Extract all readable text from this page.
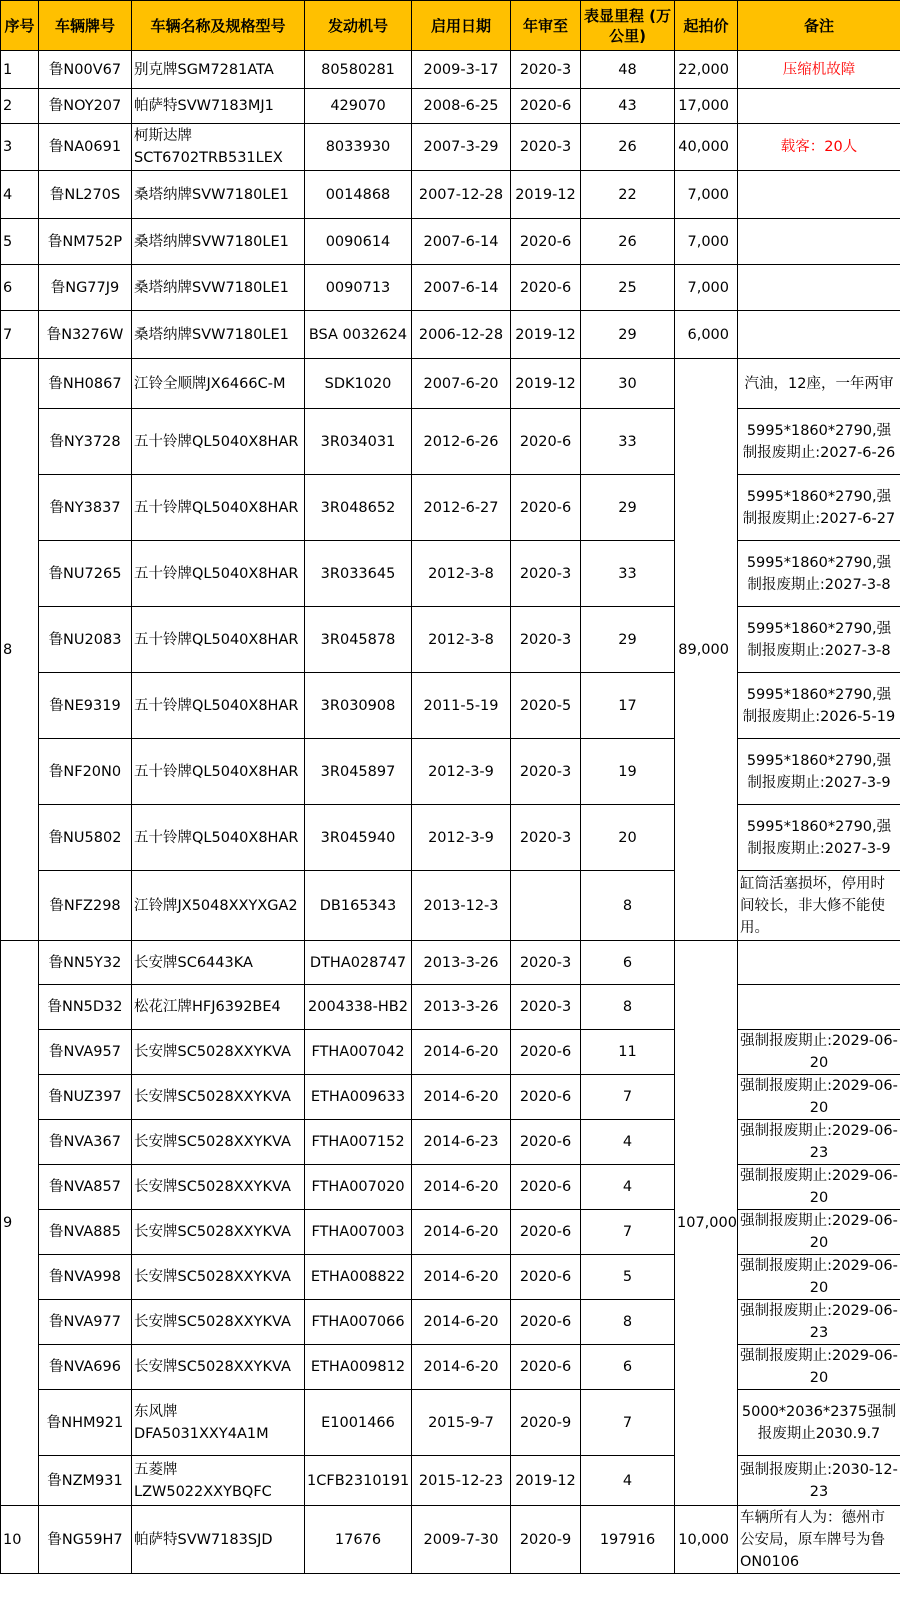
序号	车辆牌号	车辆名称及规格型号	发动机号	启用日期	年审至	表显里程 (万公里)	起拍价	备注
1	鲁N00V67	别克牌SGM7281ATA	80580281	2009-3-17	2020-3	48	22,000	压缩机故障
2	鲁NOY207	帕萨特SVW7183MJ1	429070	2008-6-25	2020-6	43	17,000	
3	鲁NA0691	柯斯达牌SCT6702TRB531LEX	8033930	2007-3-29	2020-3	26	40,000	载客：20人
4	鲁NL270S	桑塔纳牌SVW7180LE1	0014868	2007-12-28	2019-12	22	7,000	
5	鲁NM752P	桑塔纳牌SVW7180LE1	0090614	2007-6-14	2020-6	26	7,000	
6	鲁NG77J9	桑塔纳牌SVW7180LE1	0090713	2007-6-14	2020-6	25	7,000	
7	鲁N3276W	桑塔纳牌SVW7180LE1	BSA 0032624	2006-12-28	2019-12	29	6,000	
8	鲁NH0867	江铃全顺牌JX6466C-M	SDK1020	2007-6-20	2019-12	30	89,000	汽油，12座，一年两审
	鲁NY3728	五十铃牌QL5040X8HAR	3R034031	2012-6-26	2020-6	33		5995*1860*2790,强制报废期止:2027-6-26
	鲁NY3837	五十铃牌QL5040X8HAR	3R048652	2012-6-27	2020-6	29		5995*1860*2790,强制报废期止:2027-6-27
	鲁NU7265	五十铃牌QL5040X8HAR	3R033645	2012-3-8	2020-3	33		5995*1860*2790,强制报废期止:2027-3-8
	鲁NU2083	五十铃牌QL5040X8HAR	3R045878	2012-3-8	2020-3	29		5995*1860*2790,强制报废期止:2027-3-8
	鲁NE9319	五十铃牌QL5040X8HAR	3R030908	2011-5-19	2020-5	17		5995*1860*2790,强制报废期止:2026-5-19
	鲁NF20N0	五十铃牌QL5040X8HAR	3R045897	2012-3-9	2020-3	19		5995*1860*2790,强制报废期止:2027-3-9
	鲁NU5802	五十铃牌QL5040X8HAR	3R045940	2012-3-9	2020-3	20		5995*1860*2790,强制报废期止:2027-3-9
	鲁NFZ298	江铃牌JX5048XXYXGA2	DB165343	2013-12-3		8		缸筒活塞损坏，停用时间较长，非大修不能使用。
9	鲁NN5Y32	长安牌SC6443KA	DTHA028747	2013-3-26	2020-3	6	107,000	
	鲁NN5D32	松花江牌HFJ6392BE4	2004338-HB2	2013-3-26	2020-3	8		
	鲁NVA957	长安牌SC5028XXYKVA	FTHA007042	2014-6-20	2020-6	11		强制报废期止:2029-06-20
	鲁NUZ397	长安牌SC5028XXYKVA	ETHA009633	2014-6-20	2020-6	7		强制报废期止:2029-06-20
	鲁NVA367	长安牌SC5028XXYKVA	FTHA007152	2014-6-23	2020-6	4		强制报废期止:2029-06-23
	鲁NVA857	长安牌SC5028XXYKVA	FTHA007020	2014-6-20	2020-6	4		强制报废期止:2029-06-20
	鲁NVA885	长安牌SC5028XXYKVA	FTHA007003	2014-6-20	2020-6	7		强制报废期止:2029-06-20
	鲁NVA998	长安牌SC5028XXYKVA	ETHA008822	2014-6-20	2020-6	5		强制报废期止:2029-06-20
	鲁NVA977	长安牌SC5028XXYKVA	FTHA007066	2014-6-20	2020-6	8		强制报废期止:2029-06-23
	鲁NVA696	长安牌SC5028XXYKVA	ETHA009812	2014-6-20	2020-6	6		强制报废期止:2029-06-20
	鲁NHM921	东风牌DFA5031XXY4A1M	E1001466	2015-9-7	2020-9	7		5000*2036*2375强制报废期止2030.9.7
	鲁NZM931	五菱牌LZW5022XXYBQFC	1CFB2310191	2015-12-23	2019-12	4		强制报废期止:2030-12-23
10	鲁NG59H7	帕萨特SVW7183SJD	17676	2009-7-30	2020-9	197916	10,000	车辆所有人为：德州市公安局，原车牌号为鲁ON0106
